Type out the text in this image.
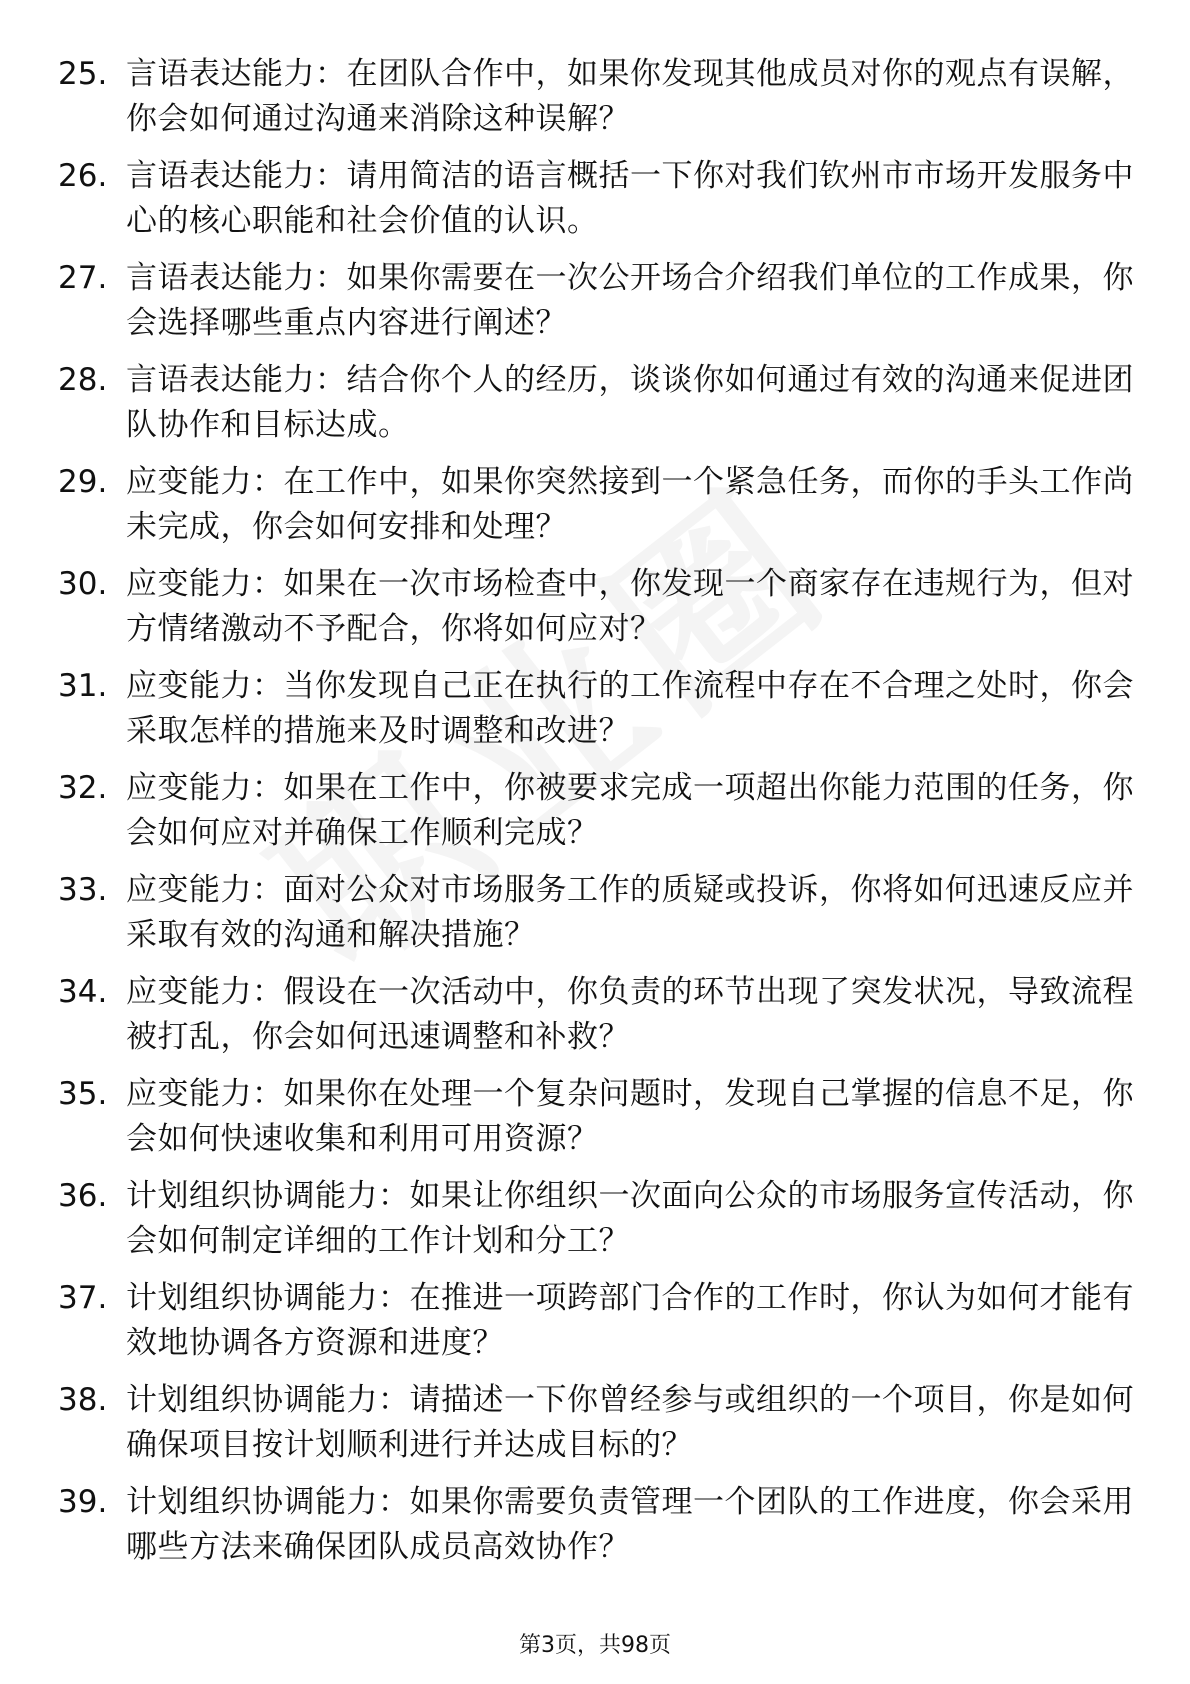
25. 言语表达能力：在团队合作中，如果你发现其他成员对你的观点有误解，你会如何通过沟通来消除这种误解？
26. 言语表达能力：请用简洁的语言概括一下你对我们钦州市市场开发服务中心的核心职能和社会价值的认识。
27. 言语表达能力：如果你需要在一次公开场合介绍我们单位的工作成果，你会选择哪些重点内容进行阐述？
28. 言语表达能力：结合你个人的经历，谈谈你如何通过有效的沟通来促进团队协作和目标达成。
29. 应变能力：在工作中，如果你突然接到一个紧急任务，而你的手头工作尚未完成，你会如何安排和处理？
30. 应变能力：如果在一次市场检查中，你发现一个商家存在违规行为，但对方情绪激动不予配合，你将如何应对？
31. 应变能力：当你发现自己正在执行的工作流程中存在不合理之处时，你会采取怎样的措施来及时调整和改进？
32. 应变能力：如果在工作中，你被要求完成一项超出你能力范围的任务，你会如何应对并确保工作顺利完成？
33. 应变能力：面对公众对市场服务工作的质疑或投诉，你将如何迅速反应并采取有效的沟通和解决措施？
34. 应变能力：假设在一次活动中，你负责的环节出现了突发状况，导致流程被打乱，你会如何迅速调整和补救？
35. 应变能力：如果你在处理一个复杂问题时，发现自己掌握的信息不足，你会如何快速收集和利用可用资源？
36. 计划组织协调能力：如果让你组织一次面向公众的市场服务宣传活动，你会如何制定详细的工作计划和分工？
37. 计划组织协调能力：在推进一项跨部门合作的工作时，你认为如何才能有效地协调各方资源和进度？
38. 计划组织协调能力：请描述一下你曾经参与或组织的一个项目，你是如何确保项目按计划顺利进行并达成目标的？
39. 计划组织协调能力：如果你需要负责管理一个团队的工作进度，你会采用哪些方法来确保团队成员高效协作？
第3页，共98页
